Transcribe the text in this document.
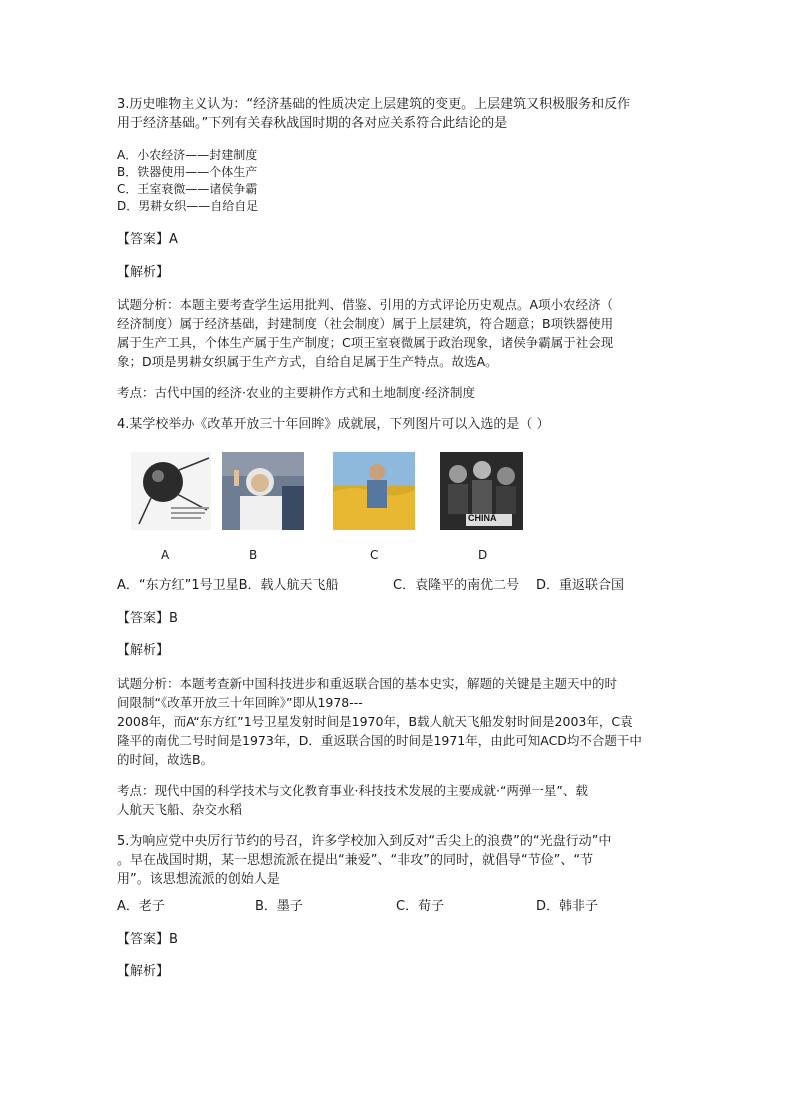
3.历史唯物主义认为：“经济基础的性质决定上层建筑的变更。上层建筑又积极服务和反作
用于经济基础。”下列有关春秋战国时期的各对应关系符合此结论的是
A．小农经济——封建制度
B．铁器使用——个体生产
C．王室衰微——诸侯争霸
D．男耕女织——自给自足
【答案】A
【解析】
试题分析：本题主要考查学生运用批判、借鉴、引用的方式评论历史观点。A项小农经济（
经济制度）属于经济基础，封建制度（社会制度）属于上层建筑，符合题意；B项铁器使用
属于生产工具，个体生产属于生产制度；C项王室衰微属于政治现象，诸侯争霸属于社会现
象；D项是男耕女织属于生产方式，自给自足属于生产特点。故选A。
考点：古代中国的经济·农业的主要耕作方式和土地制度·经济制度
4.某学校举办《改革开放三十年回眸》成就展，下列图片可以入选的是（ ）
CHINA
A	B	C	D
A．“东方红”1号卫星B．载人航天飞船	C．袁隆平的南优二号 D．重返联合国
【答案】B
【解析】
试题分析：本题考查新中国科技进步和重返联合国的基本史实，解题的关键是主题天中的时
间限制“《改革开放三十年回眸》”即从1978---
2008年，而A“东方红”1号卫星发射时间是1970年，B载人航天飞船发射时间是2003年，C袁
隆平的南优二号时间是1973年，D．重返联合国的时间是1971年，由此可知ACD均不合题干中
的时间，故选B。
考点：现代中国的科学技术与文化教育事业·科技技术发展的主要成就·“两弹一星”、载
人航天飞船、杂交水稻
5.为响应党中央厉行节约的号召，许多学校加入到反对“舌尖上的浪费”的“光盘行动”中
。早在战国时期，某一思想流派在提出“兼爱”、“非攻”的同时，就倡导“节俭”、“节
用”。该思想流派的创始人是
A．老子	B．墨子	C．荀子	D．韩非子
【答案】B
【解析】
